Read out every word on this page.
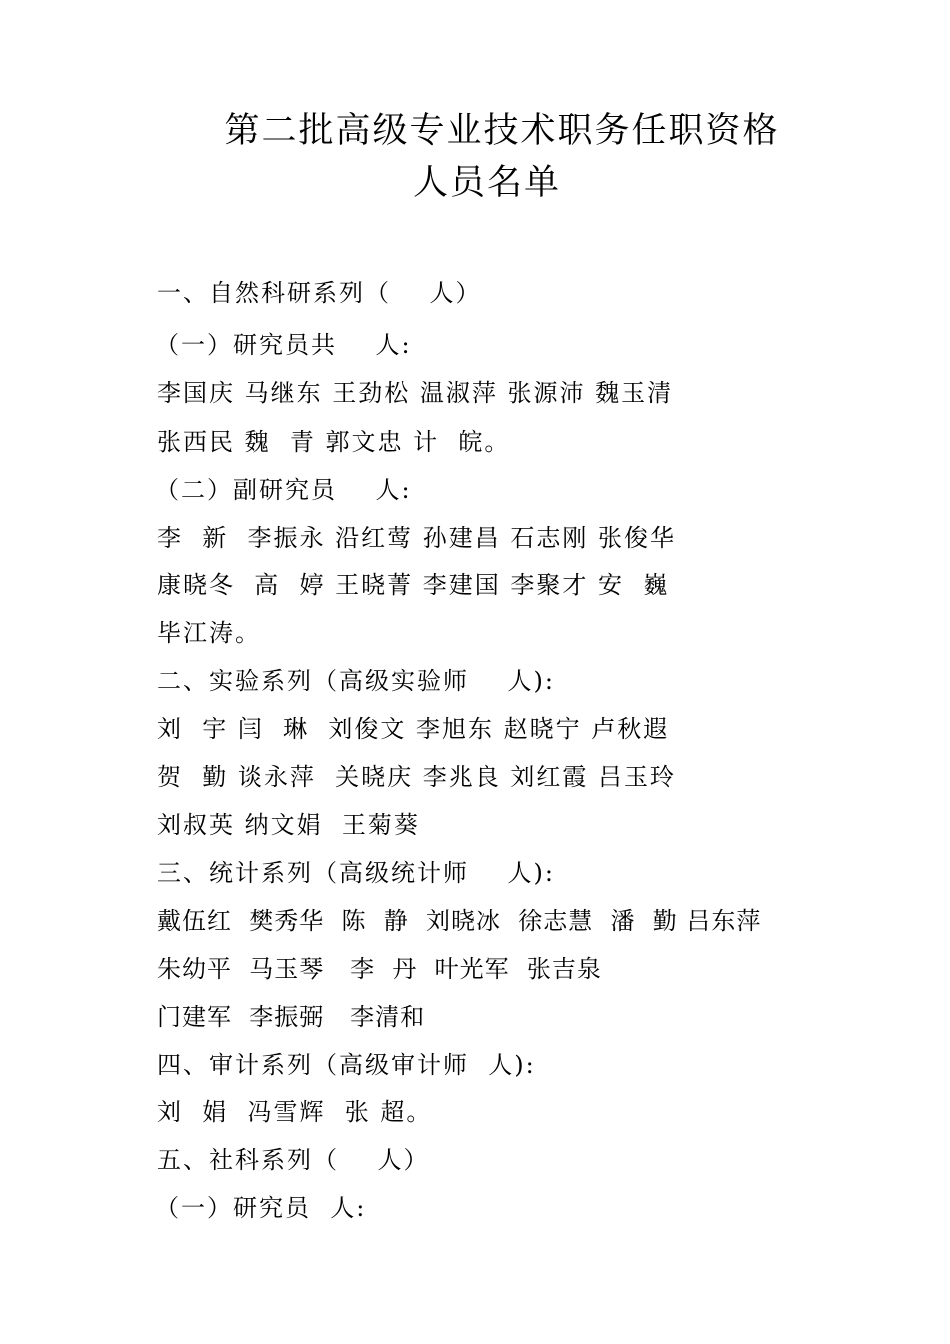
第二批高级专业技术职务任职资格
人员名单
一、自然科研系列（    人）
（一）研究员共    人:
李国庆 马继东 王劲松 温淑萍 张源沛 魏玉清
张西民 魏  青 郭文忠 计  皖。
（二）副研究员    人:
李  新  李振永 沿红莺 孙建昌 石志刚 张俊华
康晓冬  高  婷 王晓菁 李建国 李聚才 安  巍
毕江涛。
二、实验系列（高级实验师    人):
刘  宇 闫  琳  刘俊文 李旭东 赵晓宁 卢秋遐
贺  勤 谈永萍  关晓庆 李兆良 刘红霞 吕玉玲
刘叔英 纳文娟  王菊葵
三、统计系列（高级统计师    人):
戴伍红  樊秀华  陈  静  刘晓冰  徐志慧  潘  勤 吕东萍
朱幼平  马玉琴   李  丹  叶光军  张吉泉
门建军  李振弼   李清和
四、审计系列（高级审计师  人):
刘  娟  冯雪辉  张 超。
五、社科系列（    人）
（一）研究员  人:
